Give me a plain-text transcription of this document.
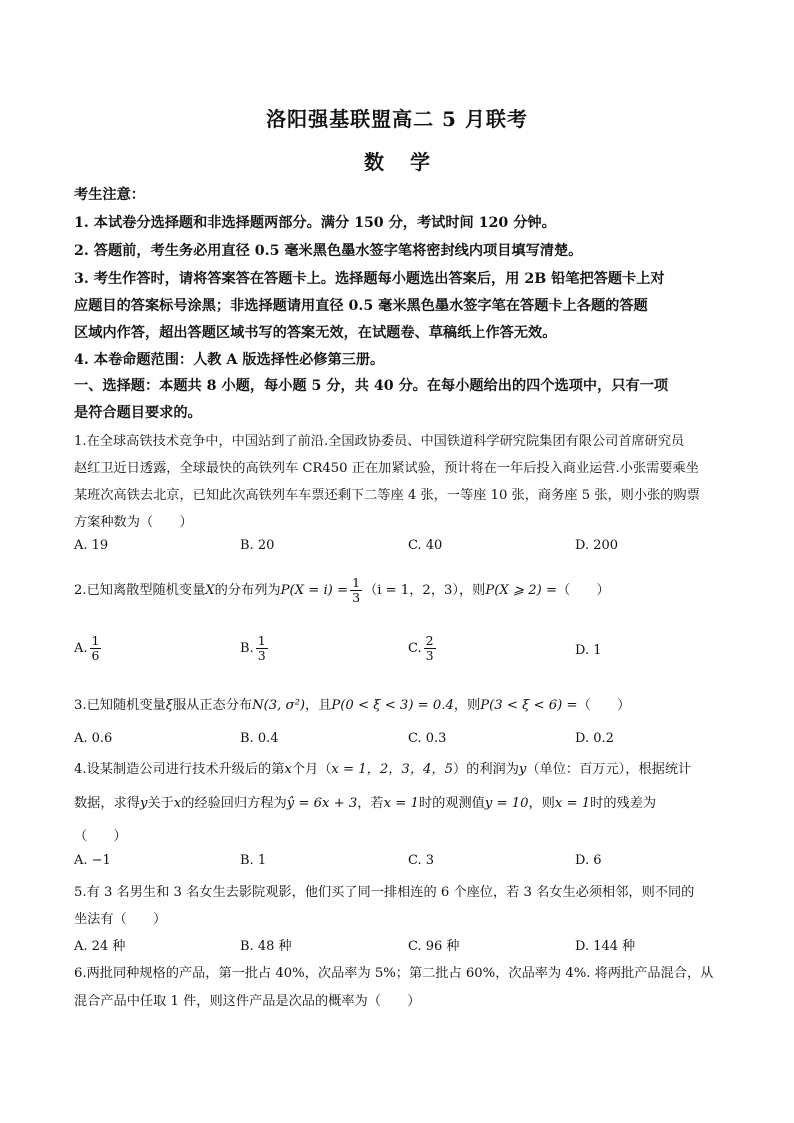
洛阳强基联盟高二 5 月联考
数学
考生注意：
1. 本试卷分选择题和非选择题两部分。满分 150 分，考试时间 120 分钟。
2. 答题前，考生务必用直径 0.5 毫米黑色墨水签字笔将密封线内项目填写清楚。
3. 考生作答时，请将答案答在答题卡上。选择题每小题选出答案后，用 2B 铅笔把答题卡上对
应题目的答案标号涂黑；非选择题请用直径 0.5 毫米黑色墨水签字笔在答题卡上各题的答题
区域内作答，超出答题区域书写的答案无效，在试题卷、草稿纸上作答无效。
4. 本卷命题范围：人教 A 版选择性必修第三册。
一、选择题：本题共 8 小题，每小题 5 分，共 40 分。在每小题给出的四个选项中，只有一项
是符合题目要求的。
1.在全球高铁技术竞争中，中国站到了前沿.全国政协委员、中国铁道科学研究院集团有限公司首席研究员
赵红卫近日透露，全球最快的高铁列车 CR450 正在加紧试验，预计将在一年后投入商业运营.小张需要乘坐
某班次高铁去北京，已知此次高铁列车车票还剩下二等座 4 张，一等座 10 张，商务座 5 张，则小张的购票
方案种数为（　　）
A. 19	B. 20	C. 40	D. 200
2.已知离散型随机变量X的分布列为$P(X = i) = \frac{1}{3} (i = 1$，2，3），则P(X ⩾ 2) =（　　）
A. $\frac{1}{6}$	B. $\frac{1}{3}$	C. $\frac{2}{3}$	D. 1
3.已知随机变量ξ服从正态分布N(3, σ²)，且P(0 < ξ < 3) = 0.4，则P(3 < ξ < 6) =（　　）
A. 0.6	B. 0.4	C. 0.3	D. 0.2
4.设某制造公司进行技术升级后的第x个月（x = 1，2，3，4，5）的利润为y（单位：百万元），根据统计
数据，求得y关于x的经验回归方程为ŷ = 6x + 3，若x = 1时的观测值y = 10，则x = 1时的残差为
（　　）
A. −1	B. 1	C. 3	D. 6
5.有 3 名男生和 3 名女生去影院观影，他们买了同一排相连的 6 个座位，若 3 名女生必须相邻，则不同的
坐法有（　　）
A. 24 种	B. 48 种	C. 96 种	D. 144 种
6.两批同种规格的产品，第一批占 40%，次品率为 5%；第二批占 60%，次品率为 4%. 将两批产品混合，从
混合产品中任取 1 件，则这件产品是次品的概率为（　　）
